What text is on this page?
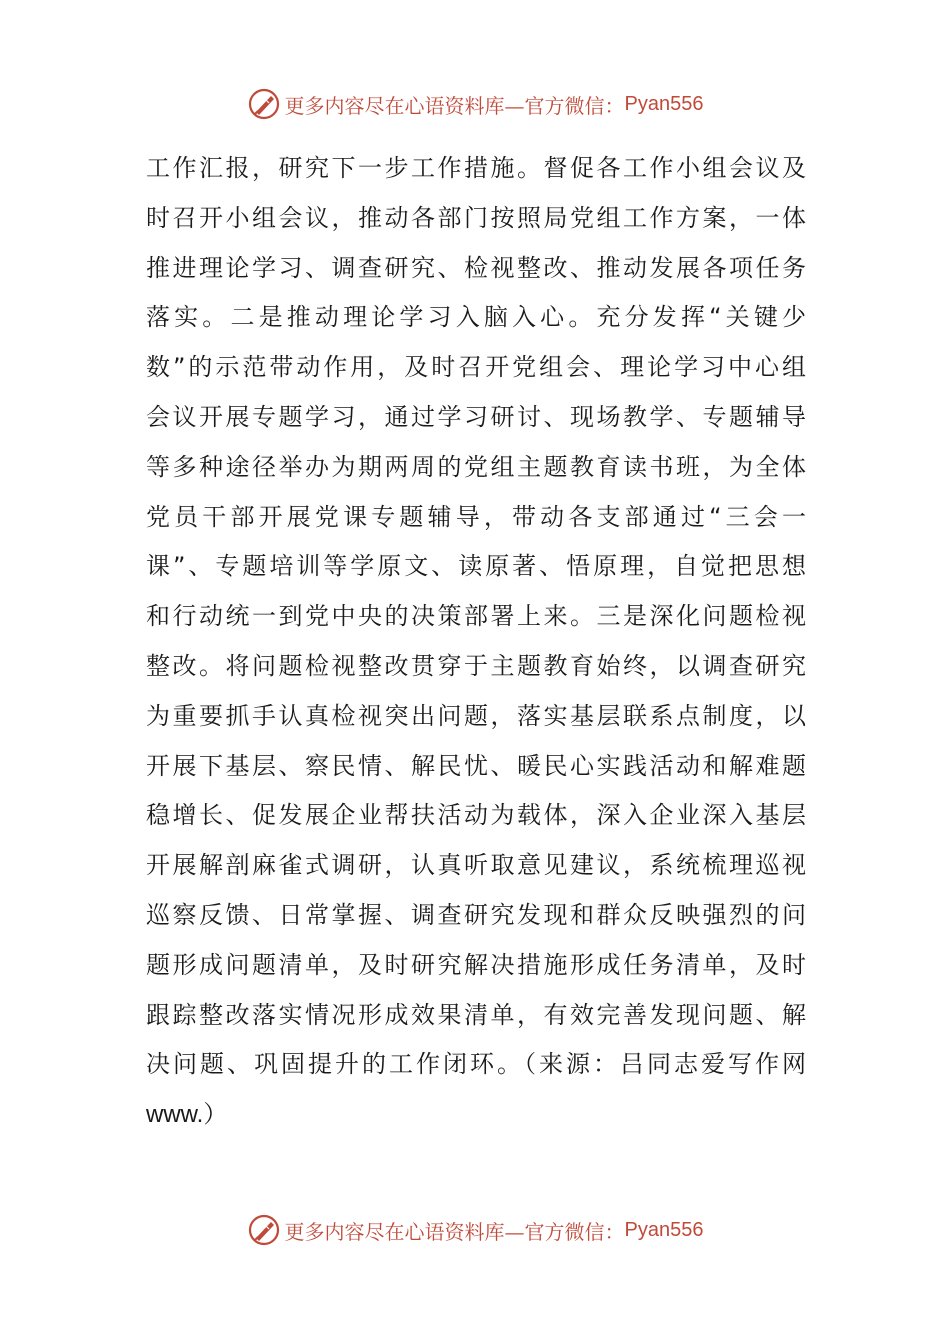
更多内容尽在心语资料库—官方微信： Pyan556
工作汇报，研究下一步工作措施。督促各工作小组会议及
时召开小组会议，推动各部门按照局党组工作方案，一体
推进理论学习、调查研究、检视整改、推动发展各项任务
落实。二是推动理论学习入脑入心。充分发挥“关键少
数”的示范带动作用，及时召开党组会、理论学习中心组
会议开展专题学习，通过学习研讨、现场教学、专题辅导
等多种途径举办为期两周的党组主题教育读书班，为全体
党员干部开展党课专题辅导，带动各支部通过“三会一
课”、专题培训等学原文、读原著、悟原理，自觉把思想
和行动统一到党中央的决策部署上来。三是深化问题检视
整改。将问题检视整改贯穿于主题教育始终，以调查研究
为重要抓手认真检视突出问题，落实基层联系点制度，以
开展下基层、察民情、解民忧、暖民心实践活动和解难题
稳增长、促发展企业帮扶活动为载体，深入企业深入基层
开展解剖麻雀式调研，认真听取意见建议，系统梳理巡视
巡察反馈、日常掌握、调查研究发现和群众反映强烈的问
题形成问题清单，及时研究解决措施形成任务清单，及时
跟踪整改落实情况形成效果清单，有效完善发现问题、解
决问题、巩固提升的工作闭环。（来源：吕同志爱写作网
www.）
更多内容尽在心语资料库—官方微信： Pyan556
